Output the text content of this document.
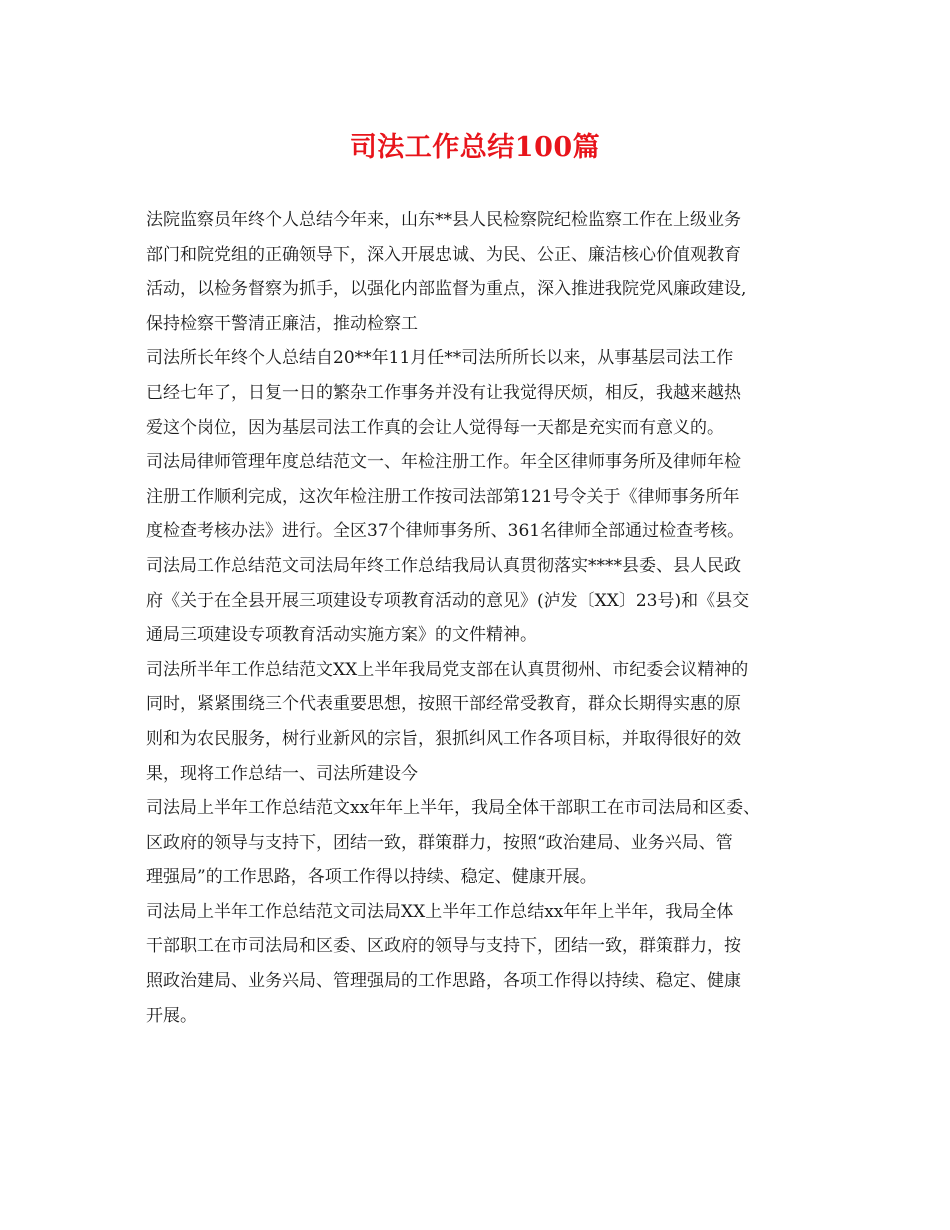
司法工作总结100篇
法院监察员年终个人总结今年来，山东**县人民检察院纪检监察工作在上级业务
部门和院党组的正确领导下，深入开展忠诚、为民、公正、廉洁核心价值观教育
活动，以检务督察为抓手，以强化内部监督为重点，深入推进我院党风廉政建设,
保持检察干警清正廉洁，推动检察工
司法所长年终个人总结自20**年11月任**司法所所长以来，从事基层司法工作
已经七年了，日复一日的繁杂工作事务并没有让我觉得厌烦，相反，我越来越热
爱这个岗位，因为基层司法工作真的会让人觉得每一天都是充实而有意义的。
司法局律师管理年度总结范文一、年检注册工作。年全区律师事务所及律师年检
注册工作顺利完成，这次年检注册工作按司法部第121号令关于《律师事务所年
度检查考核办法》进行。全区37个律师事务所、361名律师全部通过检查考核。
司法局工作总结范文司法局年终工作总结我局认真贯彻落实****县委、县人民政
府《关于在全县开展三项建设专项教育活动的意见》(泸发〔XX〕23号)和《县交
通局三项建设专项教育活动实施方案》的文件精神。
司法所半年工作总结范文XX上半年我局党支部在认真贯彻州、市纪委会议精神的
同时，紧紧围绕三个代表重要思想，按照干部经常受教育，群众长期得实惠的原
则和为农民服务，树行业新风的宗旨，狠抓纠风工作各项目标，并取得很好的效
果，现将工作总结一、司法所建设今
司法局上半年工作总结范文xx年年上半年，我局全体干部职工在市司法局和区委、
区政府的领导与支持下，团结一致，群策群力，按照“政治建局、业务兴局、管
理强局”的工作思路，各项工作得以持续、稳定、健康开展。
司法局上半年工作总结范文司法局XX上半年工作总结xx年年上半年，我局全体
干部职工在市司法局和区委、区政府的领导与支持下，团结一致，群策群力，按
照政治建局、业务兴局、管理强局的工作思路，各项工作得以持续、稳定、健康
开展。
